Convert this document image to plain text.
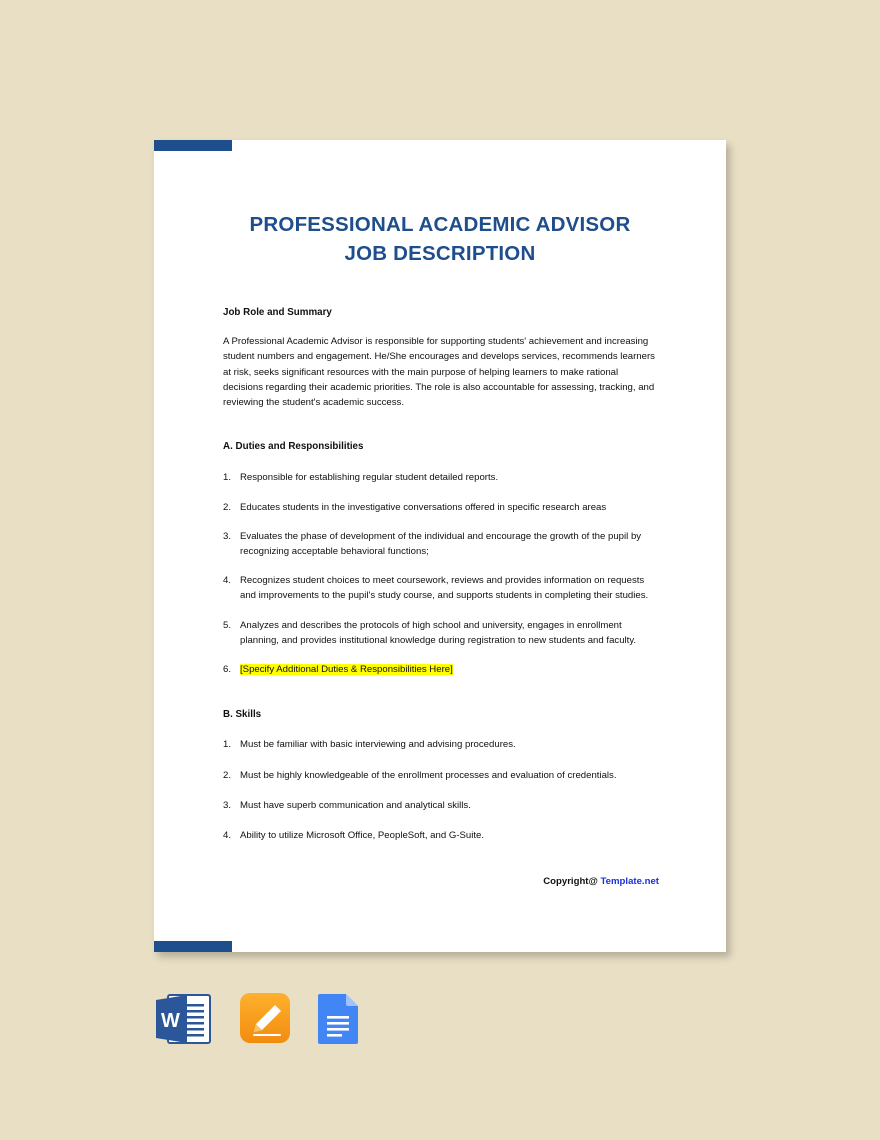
PROFESSIONAL ACADEMIC ADVISOR
JOB DESCRIPTION
Job Role and Summary
A Professional Academic Advisor is responsible for supporting students' achievement and increasing student numbers and engagement. He/She encourages and develops services, recommends learners at risk, seeks significant resources with the main purpose of helping learners to make rational decisions regarding their academic priorities. The role is also accountable for assessing, tracking, and reviewing the student's academic success.
A. Duties and Responsibilities
1. Responsible for establishing regular student detailed reports.
2. Educates students in the investigative conversations offered in specific research areas
3. Evaluates the phase of development of the individual and encourage the growth of the pupil by recognizing acceptable behavioral functions;
4. Recognizes student choices to meet coursework, reviews and provides information on requests and improvements to the pupil's study course, and supports students in completing their studies.
5. Analyzes and describes the protocols of high school and university, engages in enrollment planning, and provides institutional knowledge during registration to new students and faculty.
6. [Specify Additional Duties & Responsibilities Here]
B. Skills
1. Must be familiar with basic interviewing and advising procedures.
2. Must be highly knowledgeable of the enrollment processes and evaluation of credentials.
3. Must have superb communication and analytical skills.
4. Ability to utilize Microsoft Office, PeopleSoft, and G-Suite.
Copyright@ Template.net
W
